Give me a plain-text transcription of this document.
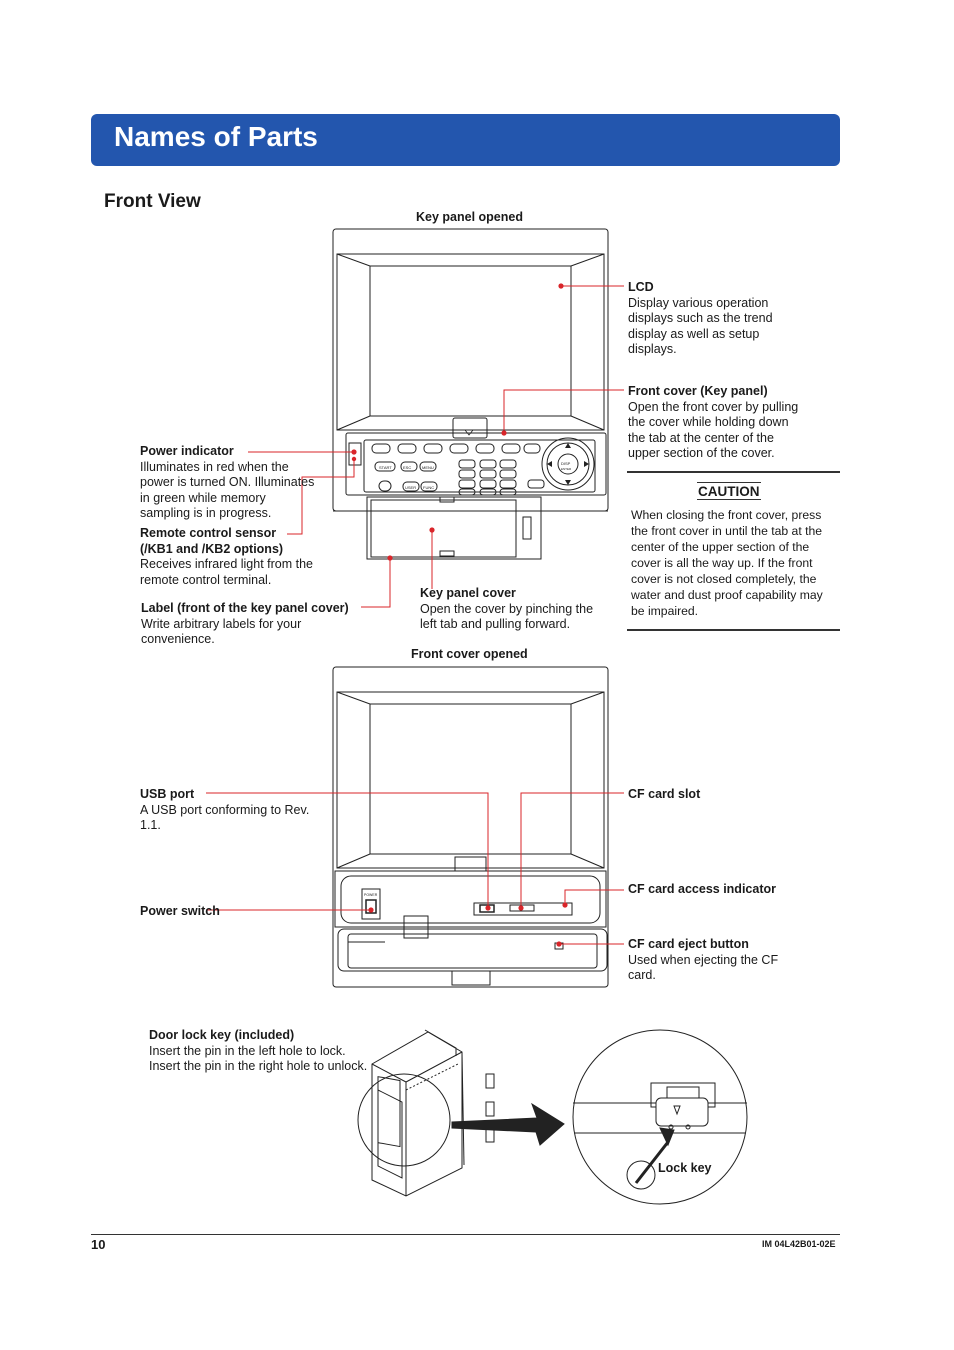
Names of Parts
Front View
Key panel opened
Front cover opened
START	ESC	MENU
USER FUNC
DISP
ENTER
POWER
LCD
Display various operation
displays such as the trend
display as well as setup
displays.
Front cover (Key panel)
Open the front cover by pulling
the cover while holding down
the tab at the center of the
upper section of the cover.
CAUTION
When closing the front cover, press
the front cover in until the tab at the
center of the upper section of the
cover is all the way up. If the front
cover is not closed completely, the
water and dust proof capability may
be impaired.
Power indicator
Illuminates in red when the
power is turned ON. Illuminates
in green while memory
sampling is in progress.
Remote control sensor
(/KB1 and /KB2 options)
Receives infrared light from the
remote control terminal.
Label (front of the key panel cover)
Write arbitrary labels for your
convenience.
Key panel cover
Open the cover by pinching the
left tab and pulling forward.
USB port
A USB port conforming to Rev.
1.1.
CF card slot
Power switch
CF card access indicator
CF card eject button
Used when ejecting the CF
card.
Door lock key (included)
Insert the pin in the left hole to lock.
Insert the pin in the right hole to unlock.
Lock key
10	IM 04L42B01-02E
